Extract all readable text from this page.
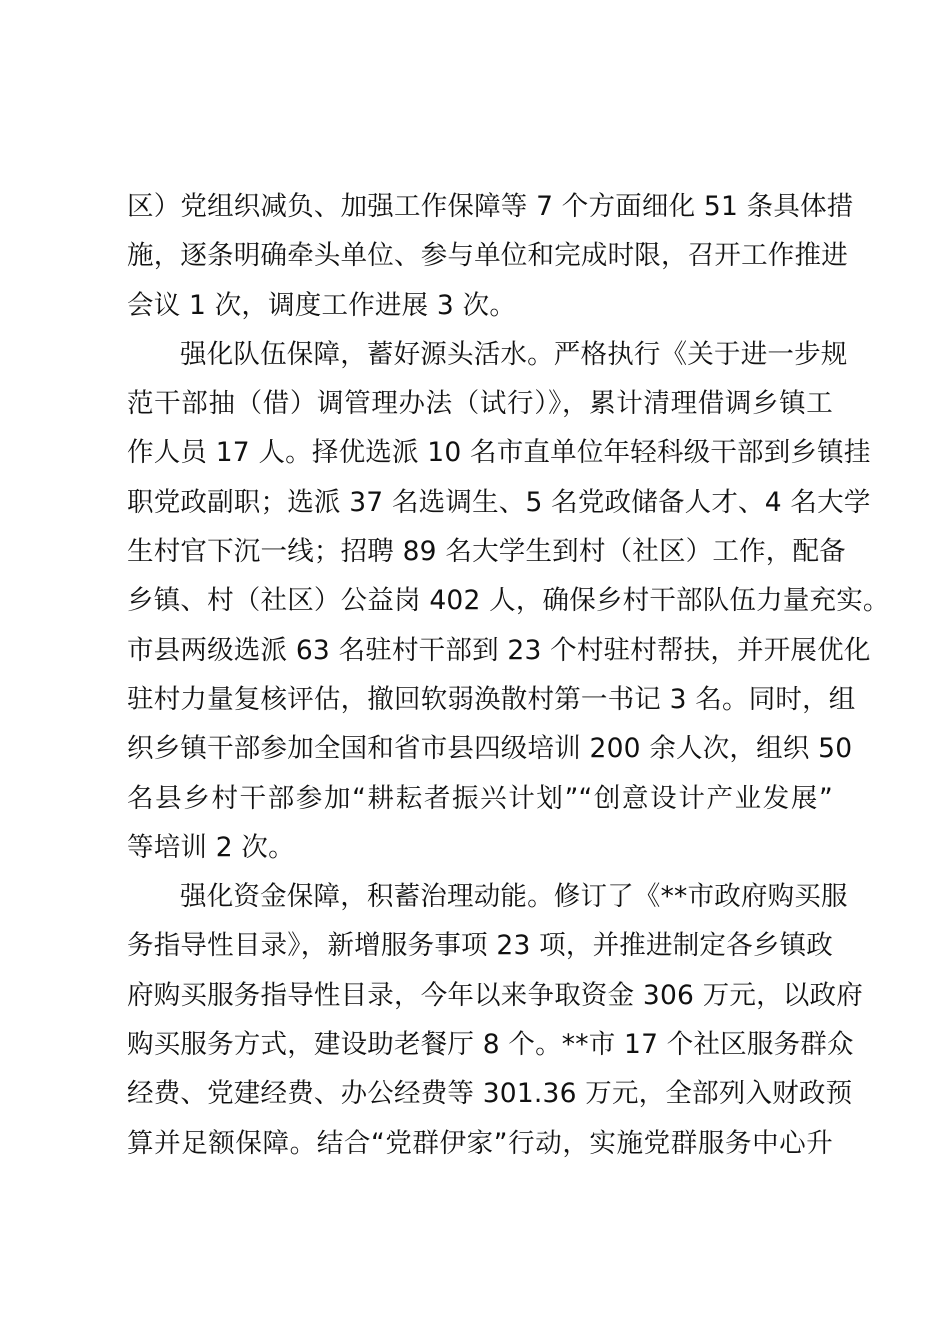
区）党组织减负、加强工作保障等 7 个方面细化 51 条具体措
施，逐条明确牵头单位、参与单位和完成时限，召开工作推进
会议 1 次，调度工作进展 3 次。

强化队伍保障，蓄好源头活水。严格执行《关于进一步规
范干部抽（借）调管理办法（试行）》，累计清理借调乡镇工
作人员 17 人。择优选派 10 名市直单位年轻科级干部到乡镇挂
职党政副职；选派 37 名选调生、5 名党政储备人才、4 名大学
生村官下沉一线；招聘 89 名大学生到村（社区）工作，配备
乡镇、村（社区）公益岗 402 人，确保乡村干部队伍力量充实。
市县两级选派 63 名驻村干部到 23 个村驻村帮扶，并开展优化
驻村力量复核评估，撤回软弱涣散村第一书记 3 名。同时，组
织乡镇干部参加全国和省市县四级培训 200 余人次，组织 50
名县乡村干部参加“耕耘者振兴计划”“创意设计产业发展”
等培训 2 次。

强化资金保障，积蓄治理动能。修订了《**市政府购买服
务指导性目录》，新增服务事项 23 项，并推进制定各乡镇政
府购买服务指导性目录，今年以来争取资金 306 万元，以政府
购买服务方式，建设助老餐厅 8 个。**市 17 个社区服务群众
经费、党建经费、办公经费等 301.36 万元，全部列入财政预
算并足额保障。结合“党群伊家”行动，实施党群服务中心升
